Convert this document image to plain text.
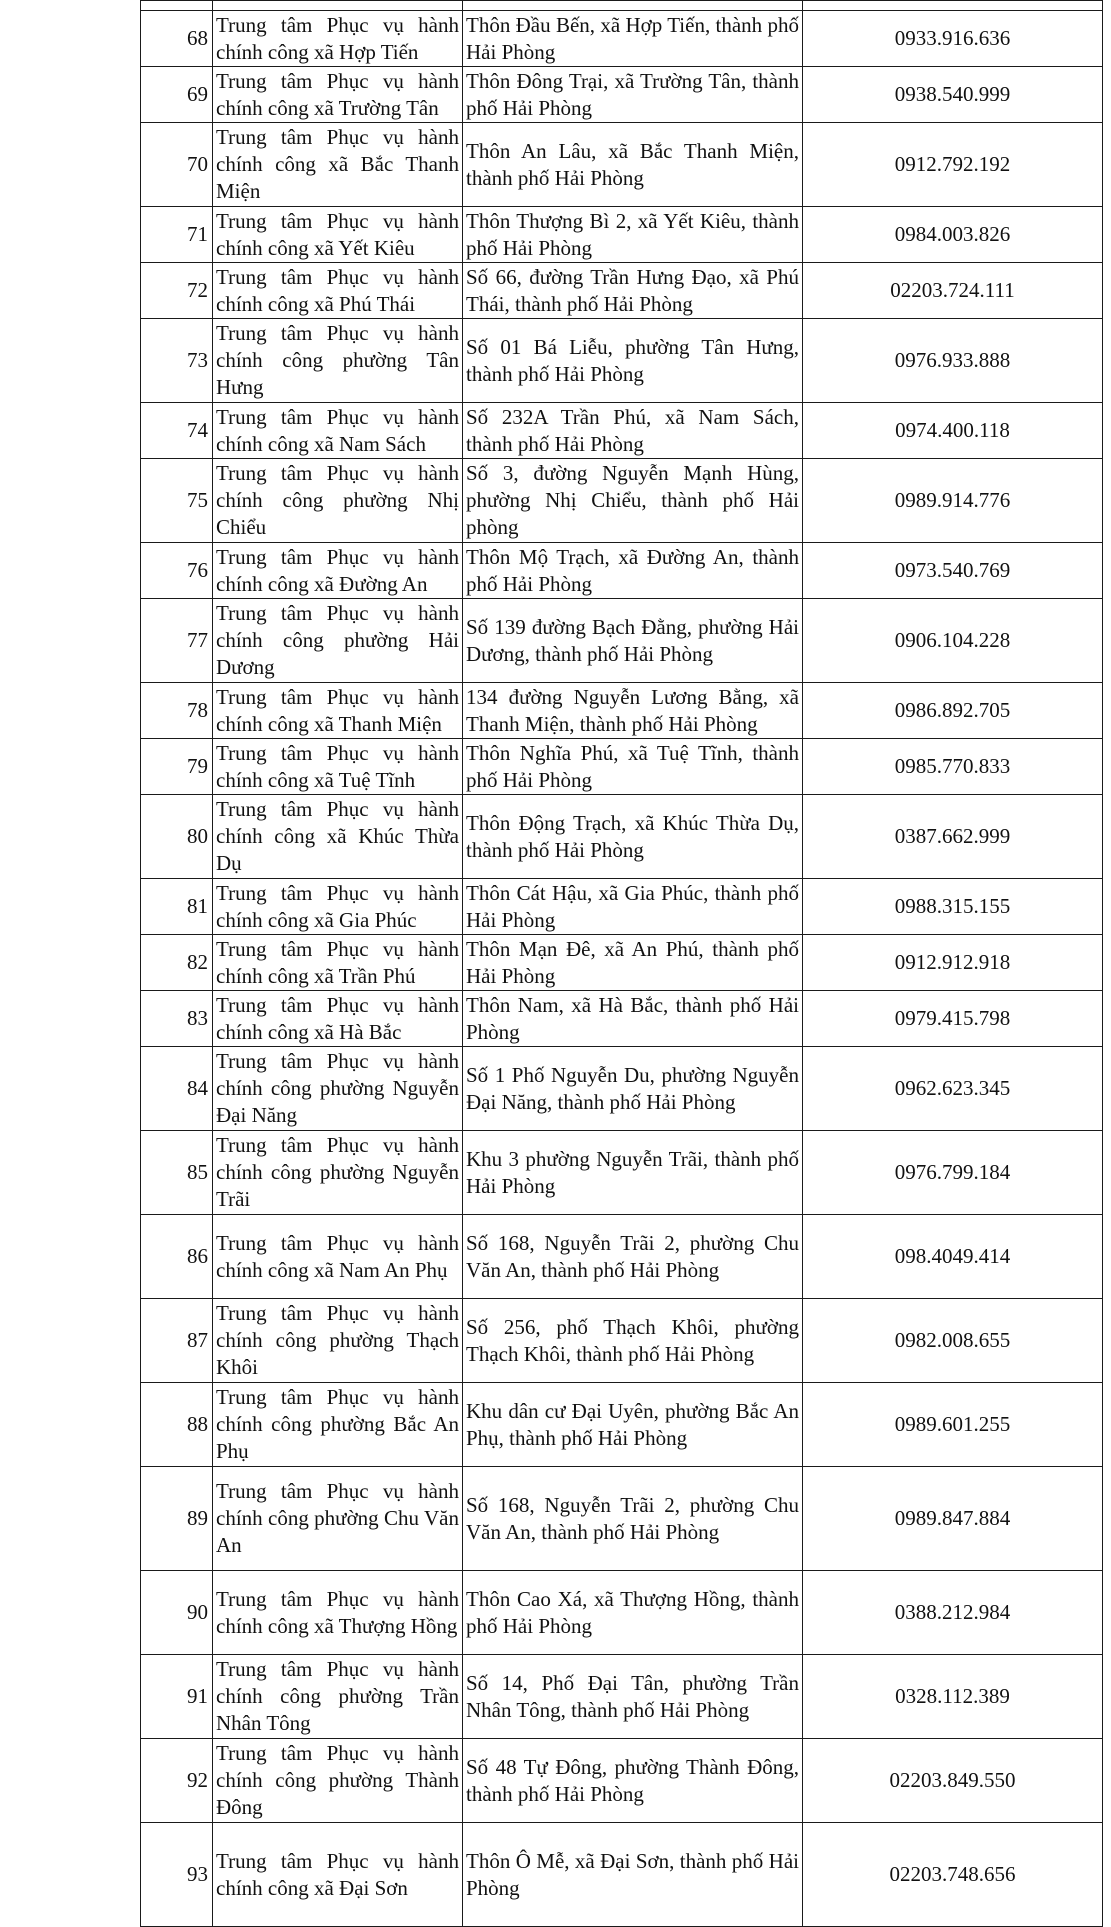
68	Trung tâm Phục vụ hành chính công xã Hợp Tiến	Thôn Đầu Bến, xã Hợp Tiến, thành phố Hải Phòng	0933.916.636
69	Trung tâm Phục vụ hành chính công xã Trường Tân	Thôn Đông Trại, xã Trường Tân, thành phố Hải Phòng	0938.540.999
70	Trung tâm Phục vụ hành chính công xã Bắc Thanh Miện	Thôn An Lâu, xã Bắc Thanh Miện, thành phố Hải Phòng	0912.792.192
71	Trung tâm Phục vụ hành chính công xã Yết Kiêu	Thôn Thượng Bì 2, xã Yết Kiêu, thành phố Hải Phòng	0984.003.826
72	Trung tâm Phục vụ hành chính công xã Phú Thái	Số 66, đường Trần Hưng Đạo, xã Phú Thái, thành phố Hải Phòng	02203.724.111
73	Trung tâm Phục vụ hành chính công phường Tân Hưng	Số 01 Bá Liễu, phường Tân Hưng, thành phố Hải Phòng	0976.933.888
74	Trung tâm Phục vụ hành chính công xã Nam Sách	Số 232A Trần Phú, xã Nam Sách, thành phố Hải Phòng	0974.400.118
75	Trung tâm Phục vụ hành chính công phường Nhị Chiểu	Số 3, đường Nguyễn Mạnh Hùng, phường Nhị Chiểu, thành phố Hải phòng	0989.914.776
76	Trung tâm Phục vụ hành chính công xã Đường An	Thôn Mộ Trạch, xã Đường An, thành phố Hải Phòng	0973.540.769
77	Trung tâm Phục vụ hành chính công phường Hải Dương	Số 139 đường Bạch Đằng, phường Hải Dương, thành phố Hải Phòng	0906.104.228
78	Trung tâm Phục vụ hành chính công xã Thanh Miện	134 đường Nguyễn Lương Bằng, xã Thanh Miện, thành phố Hải Phòng	0986.892.705
79	Trung tâm Phục vụ hành chính công xã Tuệ Tĩnh	Thôn Nghĩa Phú, xã Tuệ Tĩnh, thành phố Hải Phòng	0985.770.833
80	Trung tâm Phục vụ hành chính công xã Khúc Thừa Dụ	Thôn Động Trạch, xã Khúc Thừa Dụ, thành phố Hải Phòng	0387.662.999
81	Trung tâm Phục vụ hành chính công xã Gia Phúc	Thôn Cát Hậu, xã Gia Phúc, thành phố Hải Phòng	0988.315.155
82	Trung tâm Phục vụ hành chính công xã Trần Phú	Thôn Mạn Đê, xã An Phú, thành phố Hải Phòng	0912.912.918
83	Trung tâm Phục vụ hành chính công xã Hà Bắc	Thôn Nam, xã Hà Bắc, thành phố Hải Phòng	0979.415.798
84	Trung tâm Phục vụ hành chính công phường Nguyễn Đại Năng	Số 1 Phố Nguyễn Du, phường Nguyễn Đại Năng, thành phố Hải Phòng	0962.623.345
85	Trung tâm Phục vụ hành chính công phường Nguyễn Trãi	Khu 3 phường Nguyễn Trãi, thành phố Hải Phòng	0976.799.184
86	Trung tâm Phục vụ hành chính công xã Nam An Phụ	Số 168, Nguyễn Trãi 2, phường Chu Văn An, thành phố Hải Phòng	098.4049.414
87	Trung tâm Phục vụ hành chính công phường Thạch Khôi	Số 256, phố Thạch Khôi, phường Thạch Khôi, thành phố Hải Phòng	0982.008.655
88	Trung tâm Phục vụ hành chính công phường Bắc An Phụ	Khu dân cư Đại Uyên, phường Bắc An Phụ, thành phố Hải Phòng	0989.601.255
89	Trung tâm Phục vụ hành chính công phường Chu Văn An	Số 168, Nguyễn Trãi 2, phường Chu Văn An, thành phố Hải Phòng	0989.847.884
90	Trung tâm Phục vụ hành chính công xã Thượng Hồng	Thôn Cao Xá, xã Thượng Hồng, thành phố Hải Phòng	0388.212.984
91	Trung tâm Phục vụ hành chính công phường Trần Nhân Tông	Số 14, Phố Đại Tân, phường Trần Nhân Tông, thành phố Hải Phòng	0328.112.389
92	Trung tâm Phục vụ hành chính công phường Thành Đông	Số 48 Tự Đông, phường Thành Đông, thành phố Hải Phòng	02203.849.550
93	Trung tâm Phục vụ hành chính công xã Đại Sơn	Thôn Ô Mễ, xã Đại Sơn, thành phố Hải Phòng	02203.748.656
